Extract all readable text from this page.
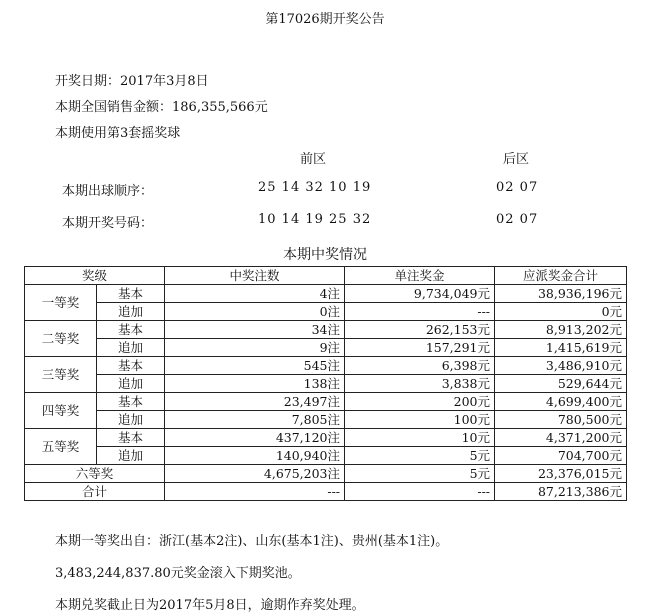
第17026期开奖公告
开奖日期：2017年3月8日
本期全国销售金额：186,355,566元
本期使用第3套摇奖球
前区	后区
本期出球顺序：	25 14 32 10 19	02 07
本期开奖号码：	10 14 19 25 32	02 07
本期中奖情况
奖级		中奖注数	单注奖金	应派奖金合计
一等奖	基本	4注	9,734,049元	38,936,196元
	追加	0注	---	0元
二等奖	基本	34注	262,153元	8,913,202元
	追加	9注	157,291元	1,415,619元
三等奖	基本	545注	6,398元	3,486,910元
	追加	138注	3,838元	529,644元
四等奖	基本	23,497注	200元	4,699,400元
	追加	7,805注	100元	780,500元
五等奖	基本	437,120注	10元	4,371,200元
	追加	140,940注	5元	704,700元
六等奖		4,675,203注	5元	23,376,015元
合计		---	---	87,213,386元
本期一等奖出自：浙江(基本2注)、山东(基本1注)、贵州(基本1注)。
3,483,244,837.80元奖金滚入下期奖池。
本期兑奖截止日为2017年5月8日，逾期作弃奖处理。
